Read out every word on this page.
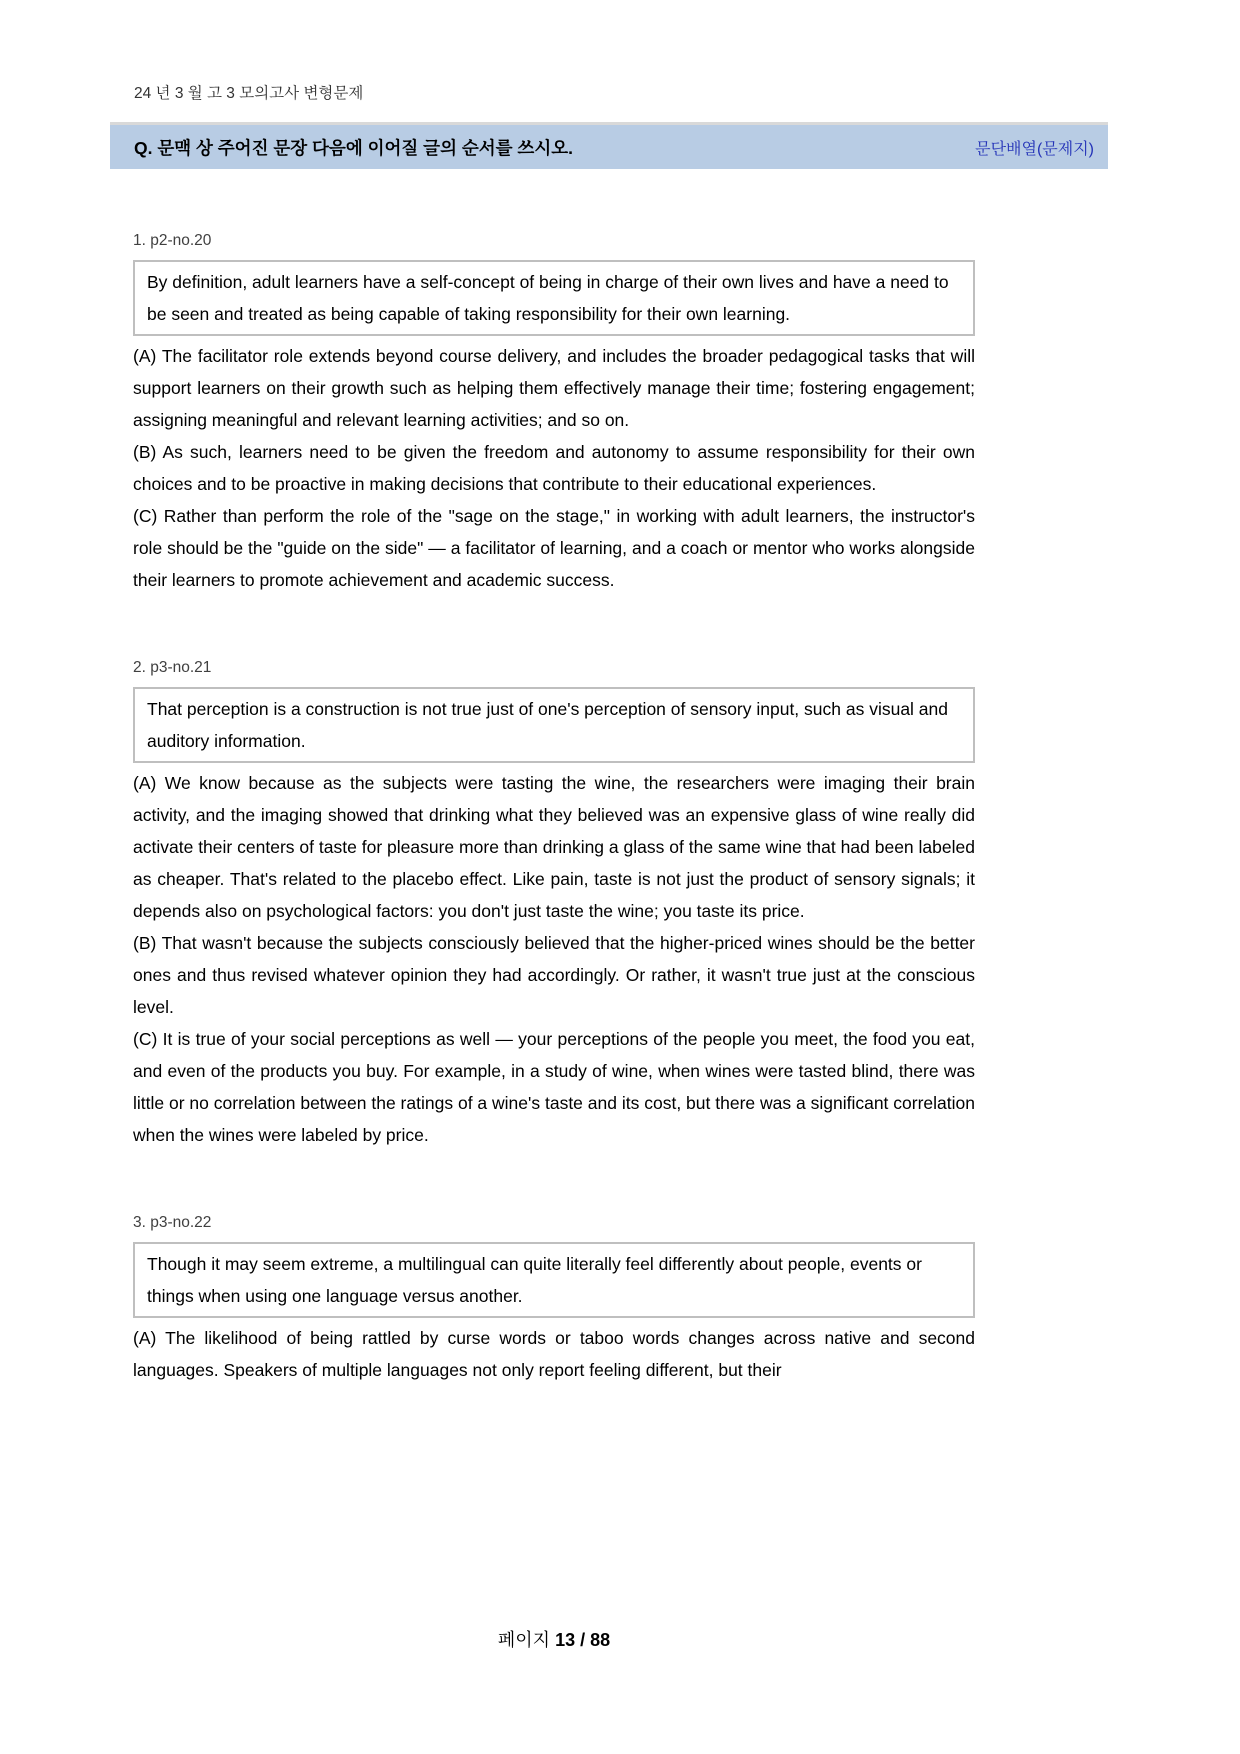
24 년 3 월 고 3 모의고사 변형문제
Q. 문맥 상 주어진 문장 다음에 이어질 글의 순서를 쓰시오.	문단배열(문제지)
1. p2-no.20

By definition, adult learners have a self-concept of being in charge of their own lives and have a need to be seen and treated as being capable of taking responsibility for their own learning.

(A) The facilitator role extends beyond course delivery, and includes the broader pedagogical tasks that will support learners on their growth such as helping them effectively manage their time; fostering engagement; assigning meaningful and relevant learning activities; and so on.

(B) As such, learners need to be given the freedom and autonomy to assume responsibility for their own choices and to be proactive in making decisions that contribute to their educational experiences.

(C) Rather than perform the role of the "sage on the stage," in working with adult learners, the instructor's role should be the "guide on the side" — a facilitator of learning, and a coach or mentor who works alongside their learners to promote achievement and academic success.

2. p3-no.21

That perception is a construction is not true just of one's perception of sensory input, such as visual and auditory information.

(A) We know because as the subjects were tasting the wine, the researchers were imaging their brain activity, and the imaging showed that drinking what they believed was an expensive glass of wine really did activate their centers of taste for pleasure more than drinking a glass of the same wine that had been labeled as cheaper. That's related to the placebo effect. Like pain, taste is not just the product of sensory signals; it depends also on psychological factors: you don't just taste the wine; you taste its price.

(B) That wasn't because the subjects consciously believed that the higher-priced wines should be the better ones and thus revised whatever opinion they had accordingly. Or rather, it wasn't true just at the conscious level.

(C) It is true of your social perceptions as well — your perceptions of the people you meet, the food you eat, and even of the products you buy. For example, in a study of wine, when wines were tasted blind, there was little or no correlation between the ratings of a wine's taste and its cost, but there was a significant correlation when the wines were labeled by price.

3. p3-no.22

Though it may seem extreme, a multilingual can quite literally feel differently about people, events or things when using one language versus another.

(A) The likelihood of being rattled by curse words or taboo words changes across native and second languages. Speakers of multiple languages not only report feeling different, but their

페이지 13 / 88
